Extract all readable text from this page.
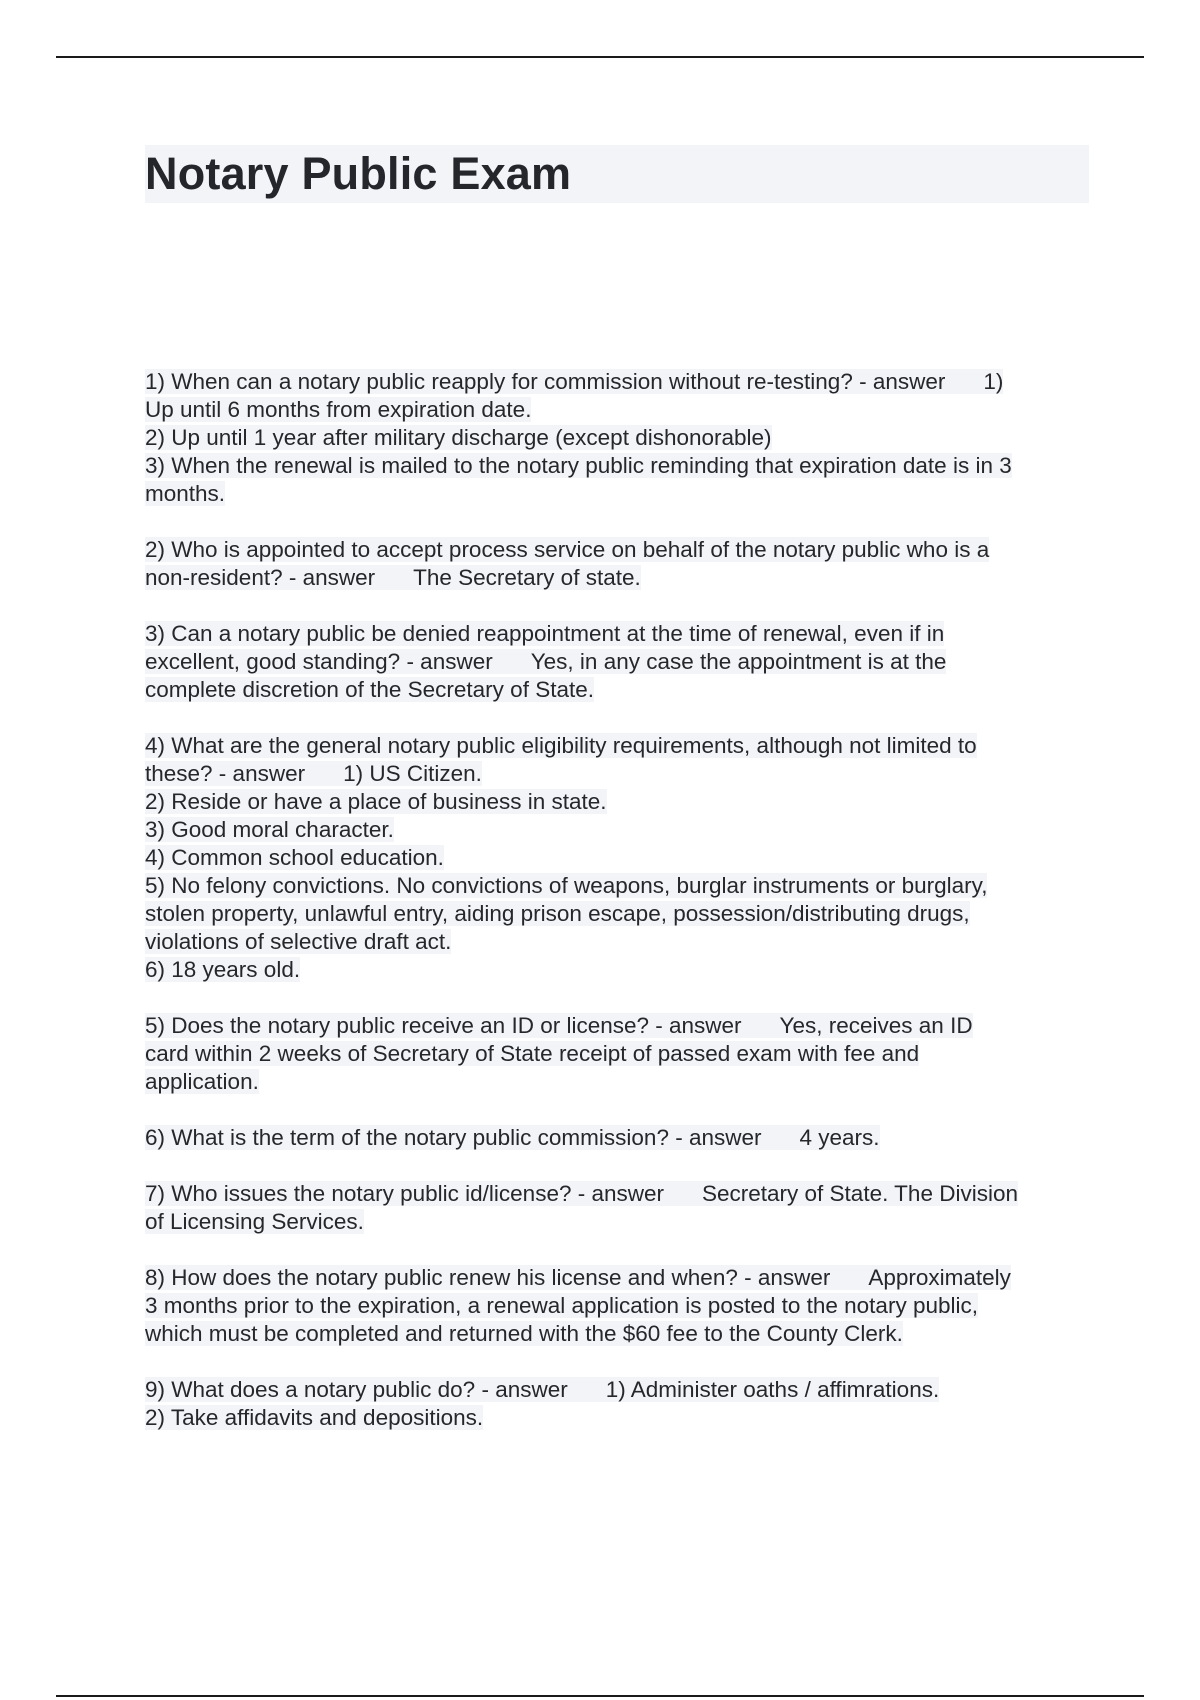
Notary Public Exam
1) When can a notary public reapply for commission without re-testing? - answer 1)
Up until 6 months from expiration date.
2) Up until 1 year after military discharge (except dishonorable)
3) When the renewal is mailed to the notary public reminding that expiration date is in 3
months.
2) Who is appointed to accept process service on behalf of the notary public who is a
non-resident? - answer The Secretary of state.
3) Can a notary public be denied reappointment at the time of renewal, even if in
excellent, good standing? - answer Yes, in any case the appointment is at the
complete discretion of the Secretary of State.
4) What are the general notary public eligibility requirements, although not limited to
these? - answer 1) US Citizen.
2) Reside or have a place of business in state.
3) Good moral character.
4) Common school education.
5) No felony convictions. No convictions of weapons, burglar instruments or burglary,
stolen property, unlawful entry, aiding prison escape, possession/distributing drugs,
violations of selective draft act.
6) 18 years old.
5) Does the notary public receive an ID or license? - answer Yes, receives an ID
card within 2 weeks of Secretary of State receipt of passed exam with fee and
application.
6) What is the term of the notary public commission? - answer 4 years.
7) Who issues the notary public id/license? - answer Secretary of State. The Division
of Licensing Services.
8) How does the notary public renew his license and when? - answer Approximately
3 months prior to the expiration, a renewal application is posted to the notary public,
which must be completed and returned with the $60 fee to the County Clerk.
9) What does a notary public do? - answer 1) Administer oaths / affimrations.
2) Take affidavits and depositions.
